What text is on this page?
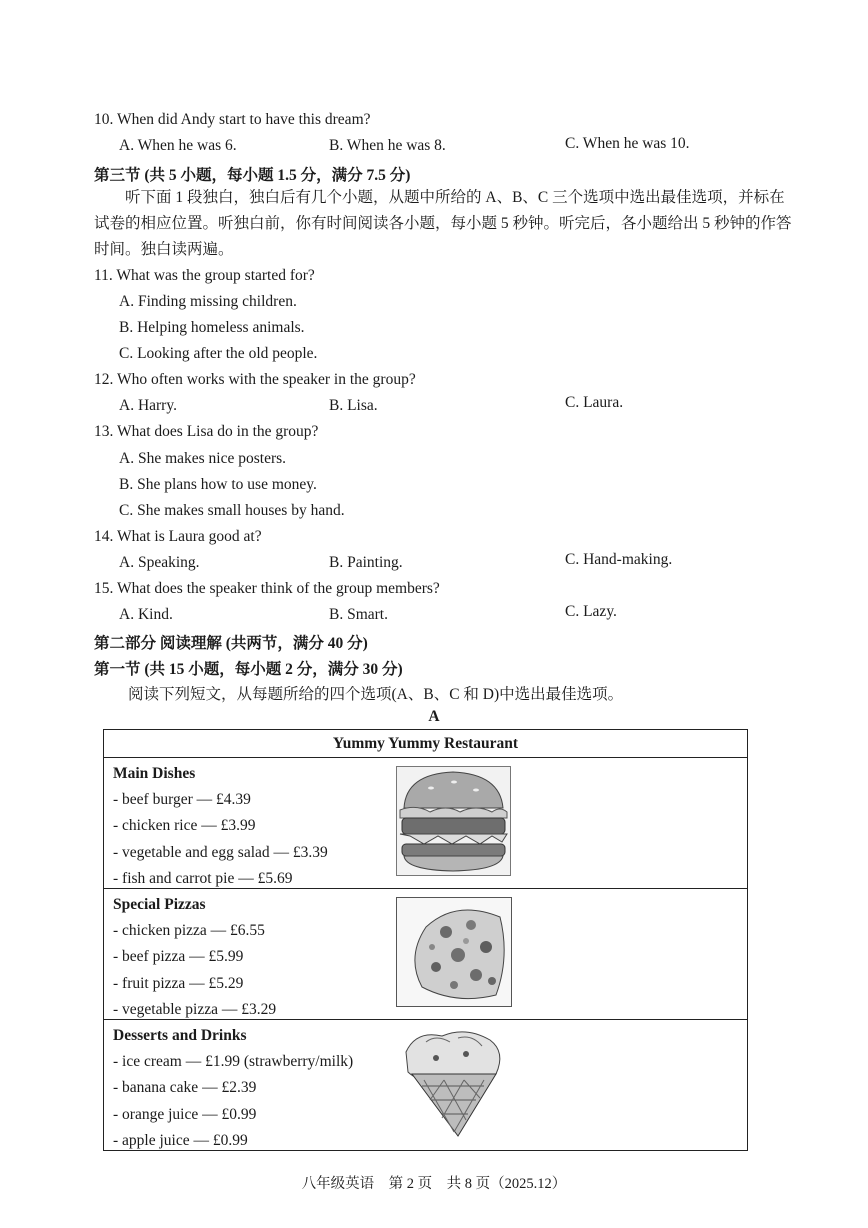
10. When did Andy start to have this dream?
A. When he was 6.	B. When he was 8.	C. When he was 10.
第三节 (共 5 小题，每小题 1.5 分，满分 7.5 分)
听下面 1 段独白，独白后有几个小题，从题中所给的 A、B、C 三个选项中选出最佳选项，并标在试卷的相应位置。听独白前，你有时间阅读各小题，每小题 5 秒钟。听完后，各小题给出 5 秒钟的作答时间。独白读两遍。
11. What was the group started for?
A. Finding missing children.
B. Helping homeless animals.
C. Looking after the old people.
12. Who often works with the speaker in the group?
A. Harry.	B. Lisa.	C. Laura.
13. What does Lisa do in the group?
A. She makes nice posters.
B. She plans how to use money.
C. She makes small houses by hand.
14. What is Laura good at?
A. Speaking.	B. Painting.	C. Hand-making.
15. What does the speaker think of the group members?
A. Kind.	B. Smart.	C. Lazy.
第二部分 阅读理解 (共两节，满分 40 分)
第一节 (共 15 小题，每小题 2 分，满分 30 分)
阅读下列短文，从每题所给的四个选项(A、B、C 和 D)中选出最佳选项。
A
Yummy Yummy Restaurant

Main Dishes
- beef burger — £4.39
- chicken rice — £3.99
- vegetable and egg salad — £3.39
- fish and carrot pie — £5.69

Special Pizzas
- chicken pizza — £6.55
- beef pizza — £5.99
- fruit pizza — £5.29
- vegetable pizza — £3.29

Desserts and Drinks
- ice cream — £1.99 (strawberry/milk)
- banana cake — £2.39
- orange juice — £0.99
- apple juice — £0.99
八年级英语　第 2 页　共 8 页（2025.12）
